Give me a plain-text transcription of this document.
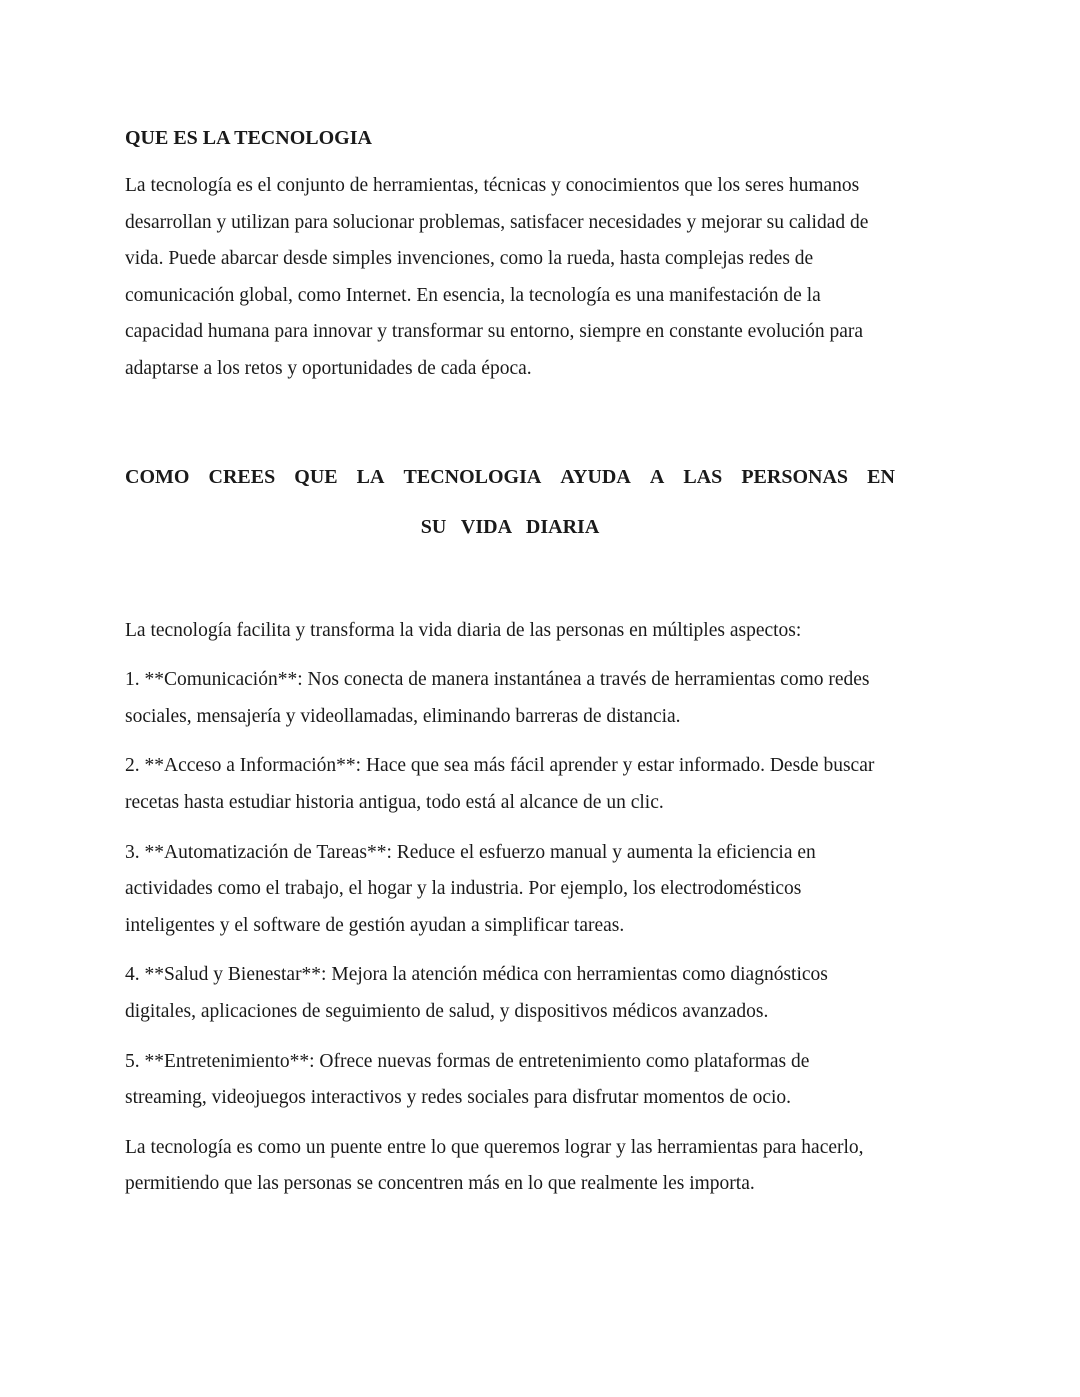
QUE ES LA TECNOLOGIA
La tecnología es el conjunto de herramientas, técnicas y conocimientos que los seres humanos
desarrollan y utilizan para solucionar problemas, satisfacer necesidades y mejorar su calidad de
vida. Puede abarcar desde simples invenciones, como la rueda, hasta complejas redes de
comunicación global, como Internet. En esencia, la tecnología es una manifestación de la
capacidad humana para innovar y transformar su entorno, siempre en constante evolución para
adaptarse a los retos y oportunidades de cada época.
COMO CREES QUE LA TECNOLOGIA AYUDA A LAS PERSONAS EN
SU VIDA DIARIA
La tecnología facilita y transforma la vida diaria de las personas en múltiples aspectos:
1. **Comunicación**: Nos conecta de manera instantánea a través de herramientas como redes
sociales, mensajería y videollamadas, eliminando barreras de distancia.
2. **Acceso a Información**: Hace que sea más fácil aprender y estar informado. Desde buscar
recetas hasta estudiar historia antigua, todo está al alcance de un clic.
3. **Automatización de Tareas**: Reduce el esfuerzo manual y aumenta la eficiencia en
actividades como el trabajo, el hogar y la industria. Por ejemplo, los electrodomésticos
inteligentes y el software de gestión ayudan a simplificar tareas.
4. **Salud y Bienestar**: Mejora la atención médica con herramientas como diagnósticos
digitales, aplicaciones de seguimiento de salud, y dispositivos médicos avanzados.
5. **Entretenimiento**: Ofrece nuevas formas de entretenimiento como plataformas de
streaming, videojuegos interactivos y redes sociales para disfrutar momentos de ocio.
La tecnología es como un puente entre lo que queremos lograr y las herramientas para hacerlo,
permitiendo que las personas se concentren más en lo que realmente les importa.
